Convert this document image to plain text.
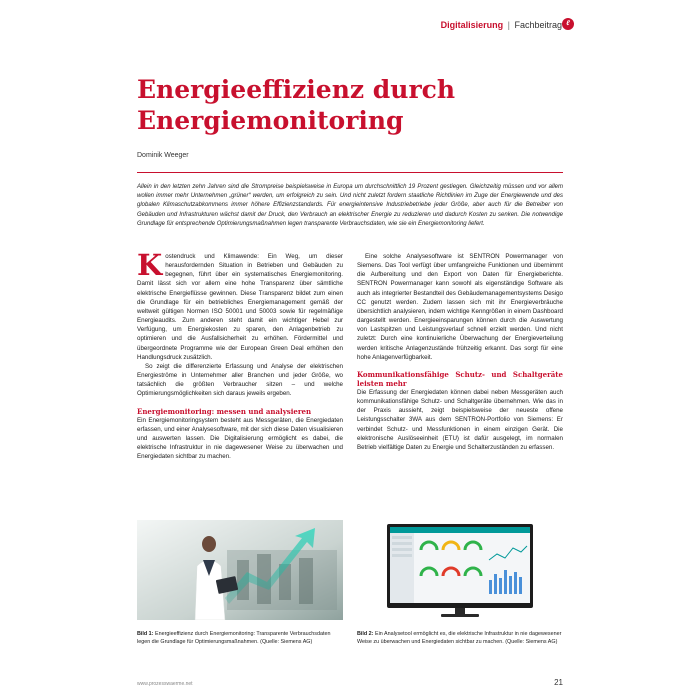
Digitalisierung | Fachbeitrag ℓ
Energieeffizienz durch
Energiemonitoring
Dominik Weeger
Allein in den letzten zehn Jahren sind die Strompreise beispielsweise in Europa um durchschnittlich 19 Prozent gestiegen. Gleichzeitig müssen und vor allem wollen immer mehr Unternehmen „grüner“ werden, um erfolgreich zu sein. Und nicht zuletzt fordern staatliche Richtlinien im Zuge der Energiewende und des globalen Klimaschutzabkommens immer höhere Effizienzstandards. Für energieintensive Industriebetriebe jeder Größe, aber auch für die Betreiber von Gebäuden und Infrastrukturen wächst damit der Druck, den Verbrauch an elektrischer Energie zu reduzieren und dadurch Kosten zu senken. Die notwendige Grundlage für entsprechende Optimierungsmaßnahmen legen transparente Verbrauchsdaten, wie sie ein Energiemonitoring liefert.

Kostendruck und Klimawende: Ein Weg, um dieser herausfordernden Situation in Betrieben und Gebäuden zu begegnen, führt über ein systematisches Energiemonitoring. Damit lässt sich vor allem eine hohe Transparenz über sämtliche elektrische Energieflüsse gewinnen. Diese Transparenz bildet zum einen die Grundlage für ein betriebliches Energiemanagement gemäß der weltweit gültigen Normen ISO 50001 und 50003 sowie für regelmäßige Energieaudits. Zum anderen steht damit ein wichtiger Hebel zur Verfügung, um Energiekosten zu sparen, den Anlagenbetrieb zu optimieren und die Ausfallsicherheit zu erhöhen. Fördermittel und übergeordnete Programme wie der European Green Deal erhöhen den Handlungsdruck zusätzlich.

So zeigt die differenzierte Erfassung und Analyse der elektrischen Energieströme in Unternehmer aller Branchen und jeder Größe, wo tatsächlich die größten Verbraucher sitzen – und welche Optimierungsmöglichkeiten sich daraus jeweils ergeben.

Energiemonitoring: messen und analysieren

Ein Energiemonitoringsystem besteht aus Messgeräten, die Energiedaten erfassen, und einer Analysesoftware, mit der sich diese Daten visualisieren und auswerten lassen. Die Digitalisierung ermöglicht es dabei, die elektrische Infrastruktur in nie dagewesener Weise zu überwachen und Energiedaten sichtbar zu machen.

Eine solche Analysesoftware ist SENTRON Powermanager von Siemens. Das Tool verfügt über umfangreiche Funktionen und übernimmt die Aufbereitung und den Export von Daten für Energieberichte. SENTRON Powermanager kann sowohl als eigenständige Software als auch als integrierter Bestandteil des Gebäudemanagementsystems Desigo CC genutzt werden. Zudem lassen sich mit ihr Energieverbräuche übersichtlich analysieren, indem wichtige Kenngrößen in einem Dashboard dargestellt werden. Energieeinsparungen können durch die Auswertung von Lastspitzen und Leistungsverlauf schnell erzielt werden. Und nicht zuletzt: Durch eine kontinuierliche Überwachung der Energieverteilung werden kritische Anlagenzustände frühzeitig erkannt. Das sorgt für eine hohe Anlagenverfügbarkeit.

Kommunikationsfähige Schutz- und Schaltgeräte leisten mehr

Die Erfassung der Energiedaten können dabei neben Messgeräten auch kommunikationsfähige Schutz- und Schaltgeräte übernehmen. Wie das in der Praxis aussieht, zeigt beispielsweise der neueste offene Leistungsschalter 3WA aus dem SENTRON-Portfolio von Siemens: Er verbindet Schutz- und Messfunktionen in einem einzigen Gerät. Die elektronische Auslöseeinheit (ETU) ist dafür ausgelegt, im normalen Betrieb vielfältige Daten zu Energie und Schalterzuständen zu erfassen.

Bild 1: Energieeffizienz durch Energiemonitoring: Transparente Verbrauchsdaten legen die Grundlage für Optimierungsmaßnahmen. (Quelle: Siemens AG)
Bild 2: Ein Analysetool ermöglicht es, die elektrische Infrastruktur in nie dagewesener Weise zu überwachen und Energiedaten sichtbar zu machen. (Quelle: Siemens AG)
www.prozesswaerme.net	21
